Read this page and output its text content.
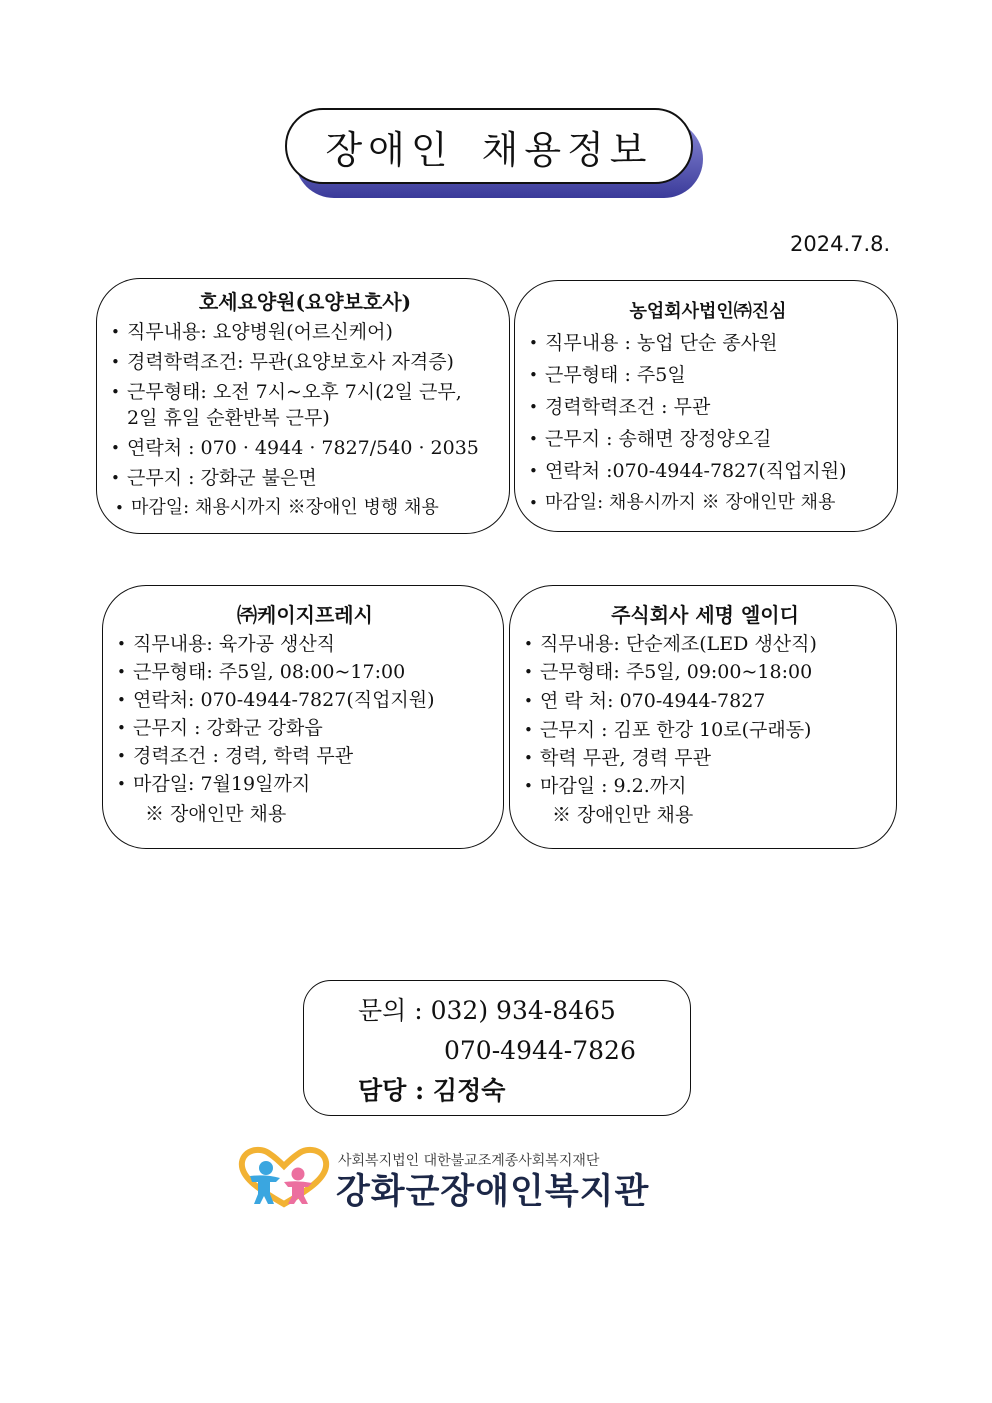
장애인 채용정보
2024.7.8.
호세요양원(요양보호사)
• 직무내용: 요양병원(어르신케어)
• 경력학력조건: 무관(요양보호사 자격증)
• 근무형태: 오전 7시~오후 7시(2일 근무,
2일 휴일 순환반복 근무)
• 연락처 : 070 · 4944 · 7827/540 · 2035
• 근무지 : 강화군 불은면
• 마감일: 채용시까지 ※장애인 병행 채용
농업회사법인㈜진심
• 직무내용 : 농업 단순 종사원
• 근무형태 : 주5일
• 경력학력조건 : 무관
• 근무지 : 송해면 장정양오길
• 연락처 :070-4944-7827(직업지원)
• 마감일: 채용시까지 ※ 장애인만 채용
㈜케이지프레시
• 직무내용: 육가공 생산직
• 근무형태: 주5일, 08:00~17:00
• 연락처: 070-4944-7827(직업지원)
• 근무지 : 강화군 강화읍
• 경력조건 : 경력, 학력 무관
• 마감일: 7월19일까지
※ 장애인만 채용
주식회사 세명 엘이디
• 직무내용: 단순제조(LED 생산직)
• 근무형태: 주5일, 09:00~18:00
• 연 락 처: 070-4944-7827
• 근무지 : 김포 한강 10로(구래동)
• 학력 무관, 경력 무관
• 마감일 : 9.2.까지
※ 장애인만 채용
문의 : 032) 934-8465
070-4944-7826
담당 : 김정숙
사회복지법인 대한불교조계종사회복지재단
강화군장애인복지관
